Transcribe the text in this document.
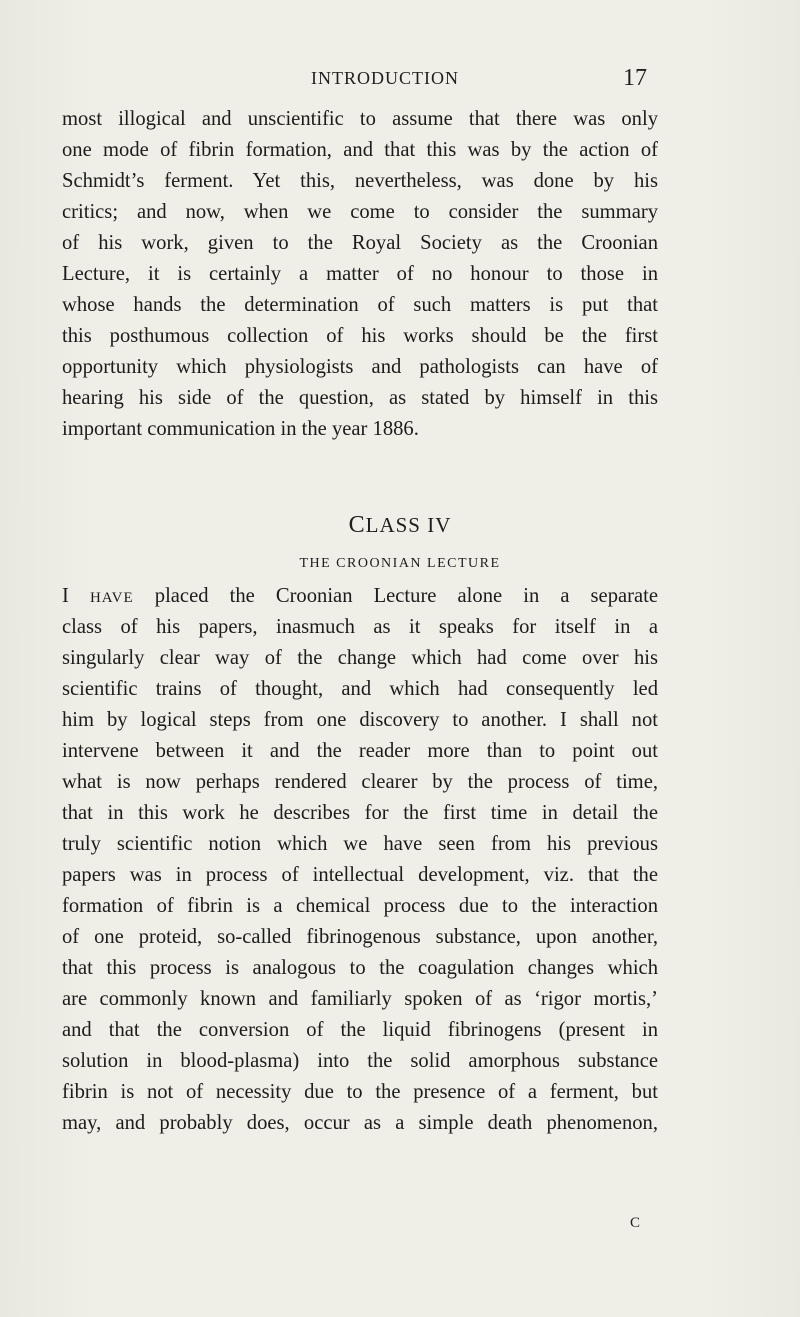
INTRODUCTION	17
most illogical and unscientific to assume that there was only
one mode of fibrin formation, and that this was by the action of
Schmidt’s ferment. Yet this, nevertheless, was done by his
critics; and now, when we come to consider the summary
of his work, given to the Royal Society as the Croonian
Lecture, it is certainly a matter of no honour to those in
whose hands the determination of such matters is put that
this posthumous collection of his works should be the first
opportunity which physiologists and pathologists can have of
hearing his side of the question, as stated by himself in this
important communication in the year 1886.
CLASS IV
THE CROONIAN LECTURE
I HAVE placed the Croonian Lecture alone in a separate
class of his papers, inasmuch as it speaks for itself in a
singularly clear way of the change which had come over his
scientific trains of thought, and which had consequently led
him by logical steps from one discovery to another. I shall not
intervene between it and the reader more than to point out
what is now perhaps rendered clearer by the process of time,
that in this work he describes for the first time in detail the
truly scientific notion which we have seen from his previous
papers was in process of intellectual development, viz. that the
formation of fibrin is a chemical process due to the interaction
of one proteid, so-called fibrinogenous substance, upon another,
that this process is analogous to the coagulation changes which
are commonly known and familiarly spoken of as ‘rigor mortis,’
and that the conversion of the liquid fibrinogens (present in
solution in blood-plasma) into the solid amorphous substance
fibrin is not of necessity due to the presence of a ferment, but
may, and probably does, occur as a simple death phenomenon,
C
